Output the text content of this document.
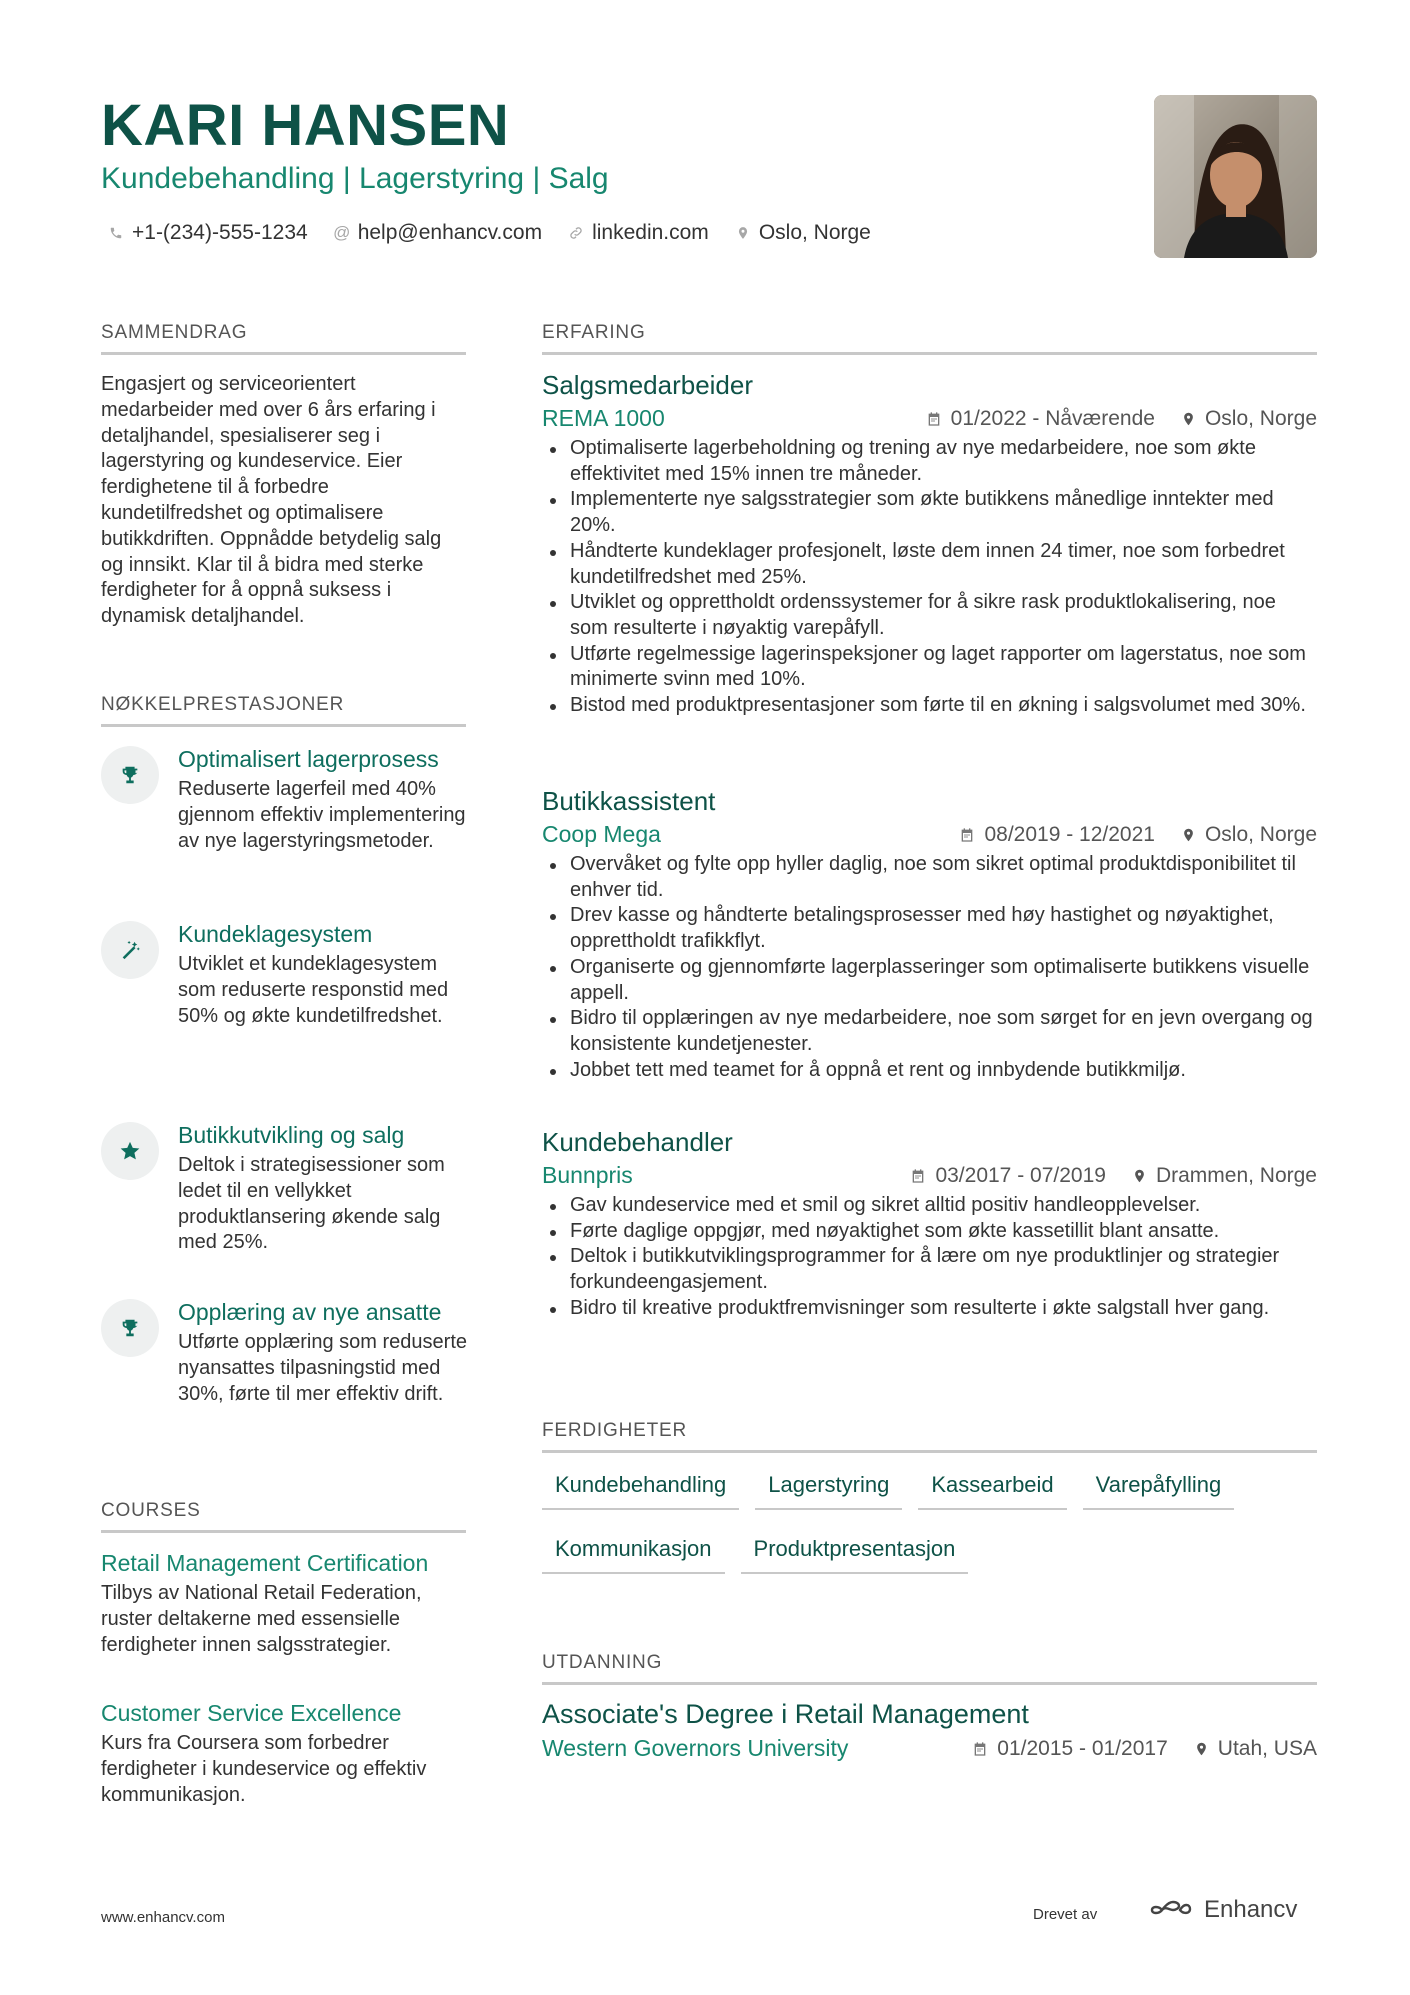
KARI HANSEN
Kundebehandling | Lagerstyring | Salg
+1-(234)-555-1234 @ help@enhancv.com linkedin.com Oslo, Norge
SAMMENDRAG
Engasjert og serviceorientert medarbeider med over 6 års erfaring i detaljhandel, spesialiserer seg i lagerstyring og kundeservice. Eier ferdighetene til å forbedre kundetilfredshet og optimalisere butikkdriften. Oppnådde betydelig salg og innsikt. Klar til å bidra med sterke ferdigheter for å oppnå suksess i dynamisk detaljhandel.
NØKKELPRESTASJONER
Optimalisert lagerprosess
Reduserte lagerfeil med 40% gjennom effektiv implementering av nye lagerstyringsmetoder.
Kundeklagesystem
Utviklet et kundeklagesystem som reduserte responstid med 50% og økte kundetilfredshet.
Butikkutvikling og salg
Deltok i strategisessioner som ledet til en vellykket produktlansering økende salg med 25%.
Opplæring av nye ansatte
Utførte opplæring som reduserte nyansattes tilpasningstid med 30%, førte til mer effektiv drift.
COURSES
Retail Management Certification
Tilbys av National Retail Federation, ruster deltakerne med essensielle ferdigheter innen salgsstrategier.
Customer Service Excellence
Kurs fra Coursera som forbedrer ferdigheter i kundeservice og effektiv kommunikasjon.
ERFARING
Salgsmedarbeider
REMA 1000	01/2022 - Nåværende Oslo, Norge
Optimaliserte lagerbeholdning og trening av nye medarbeidere, noe som økte effektivitet med 15% innen tre måneder.
Implementerte nye salgsstrategier som økte butikkens månedlige inntekter med 20%.
Håndterte kundeklager profesjonelt, løste dem innen 24 timer, noe som forbedret kundetilfredshet med 25%.
Utviklet og opprettholdt ordenssystemer for å sikre rask produktlokalisering, noe som resulterte i nøyaktig varepåfyll.
Utførte regelmessige lagerinspeksjoner og laget rapporter om lagerstatus, noe som minimerte svinn med 10%.
Bistod med produktpresentasjoner som førte til en økning i salgsvolumet med 30%.
Butikkassistent
Coop Mega	08/2019 - 12/2021 Oslo, Norge
Overvåket og fylte opp hyller daglig, noe som sikret optimal produktdisponibilitet til enhver tid.
Drev kasse og håndterte betalingsprosesser med høy hastighet og nøyaktighet, opprettholdt trafikkflyt.
Organiserte og gjennomførte lagerplasseringer som optimaliserte butikkens visuelle appell.
Bidro til opplæringen av nye medarbeidere, noe som sørget for en jevn overgang og konsistente kundetjenester.
Jobbet tett med teamet for å oppnå et rent og innbydende butikkmiljø.
Kundebehandler
Bunnpris	03/2017 - 07/2019 Drammen, Norge
Gav kundeservice med et smil og sikret alltid positiv handleopplevelser.
Førte daglige oppgjør, med nøyaktighet som økte kassetillit blant ansatte.
Deltok i butikkutviklingsprogrammer for å lære om nye produktlinjer og strategier forkundeengasjement.
Bidro til kreative produktfremvisninger som resulterte i økte salgstall hver gang.
FERDIGHETER
Kundebehandling	Lagerstyring	Kassearbeid	Varepåfylling
Kommunikasjon	Produktpresentasjon
UTDANNING
Associate's Degree i Retail Management
Western Governors University	01/2015 - 01/2017 Utah, USA
www.enhancv.com	Drevet av	Enhancv
